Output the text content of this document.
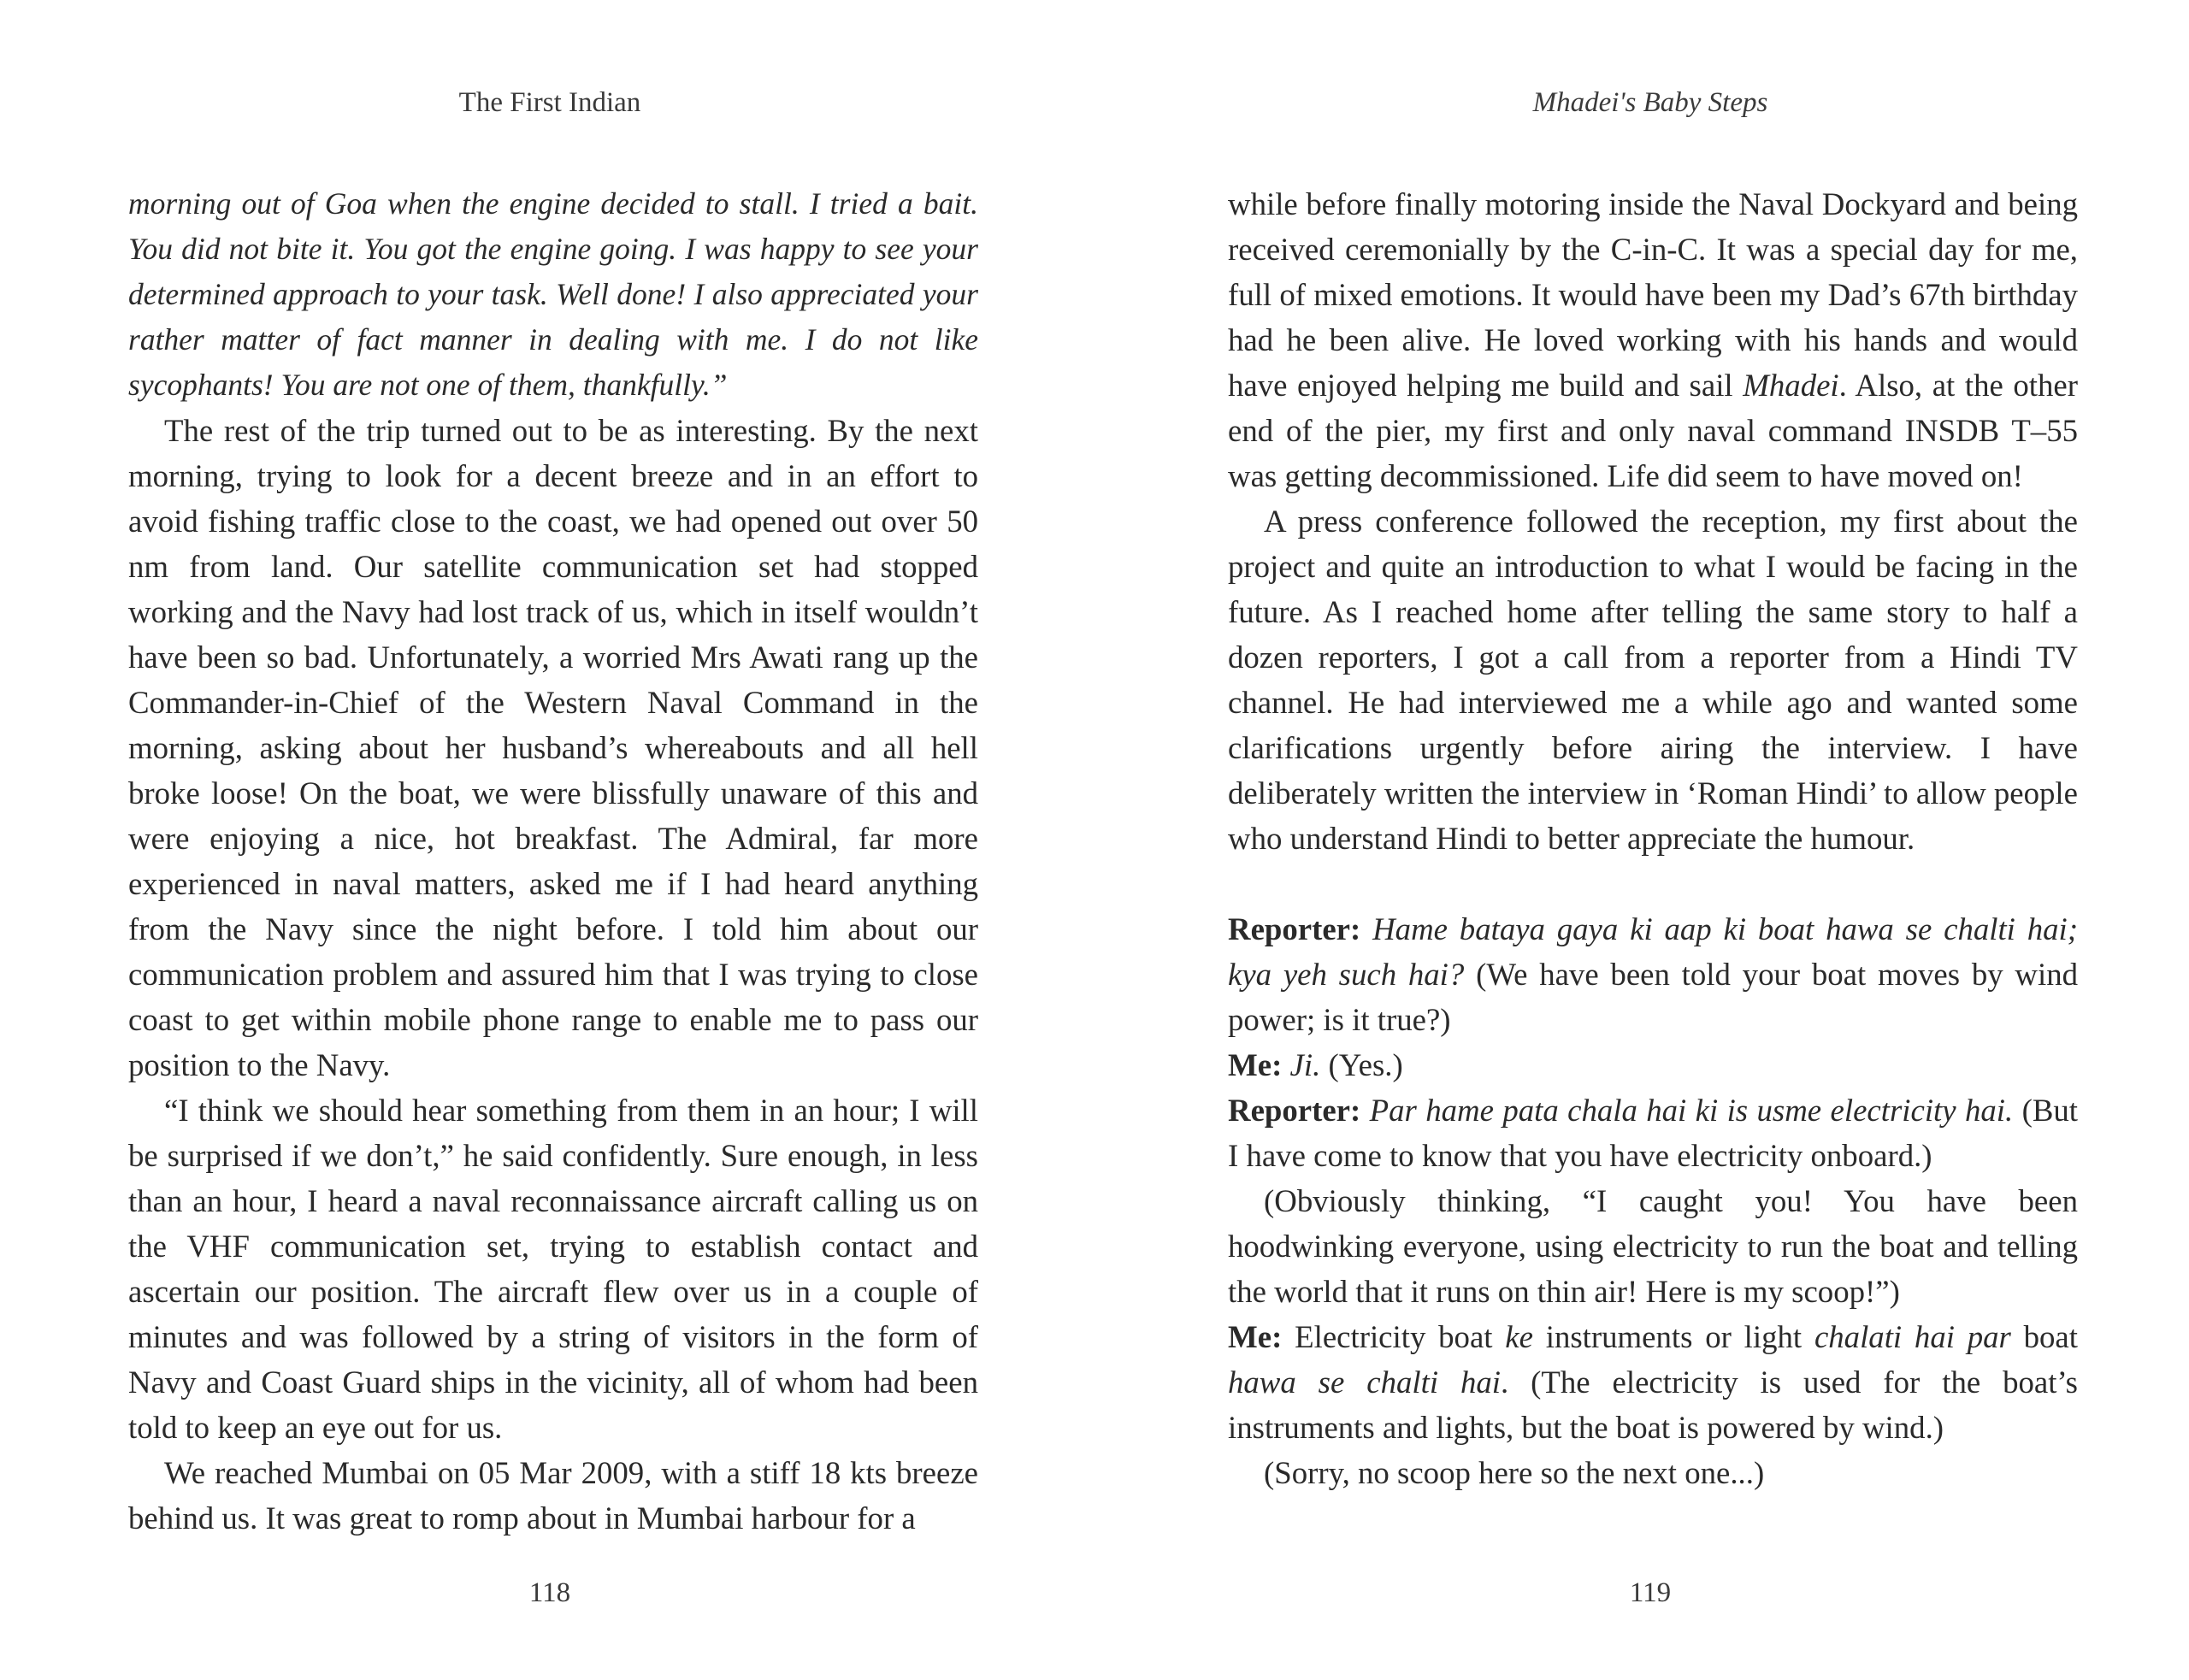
The First Indian

morning out of Goa when the engine decided to stall. I tried a bait. You did not bite it. You got the engine going. I was happy to see your determined approach to your task. Well done! I also appreciated your rather matter of fact manner in dealing with me. I do not like sycophants! You are not one of them, thankfully.”

The rest of the trip turned out to be as interesting. By the next morning, trying to look for a decent breeze and in an effort to avoid fishing traffic close to the coast, we had opened out over 50 nm from land. Our satellite communication set had stopped working and the Navy had lost track of us, which in itself wouldn’t have been so bad. Unfortunately, a worried Mrs Awati rang up the Commander-in-Chief of the Western Naval Command in the morning, asking about her husband’s whereabouts and all hell broke loose! On the boat, we were blissfully unaware of this and were enjoying a nice, hot breakfast. The Admiral, far more experienced in naval matters, asked me if I had heard anything from the Navy since the night before. I told him about our communication problem and assured him that I was trying to close coast to get within mobile phone range to enable me to pass our position to the Navy.

“I think we should hear something from them in an hour; I will be surprised if we don’t,” he said confidently. Sure enough, in less than an hour, I heard a naval reconnaissance aircraft calling us on the VHF communication set, trying to establish contact and ascertain our position. The aircraft flew over us in a couple of minutes and was followed by a string of visitors in the form of Navy and Coast Guard ships in the vicinity, all of whom had been told to keep an eye out for us.

We reached Mumbai on 05 Mar 2009, with a stiff 18 kts breeze behind us. It was great to romp about in Mumbai harbour for a

118
Mhadei's Baby Steps

while before finally motoring inside the Naval Dockyard and being received ceremonially by the C-in-C. It was a special day for me, full of mixed emotions. It would have been my Dad’s 67th birthday had he been alive. He loved working with his hands and would have enjoyed helping me build and sail Mhadei. Also, at the other end of the pier, my first and only naval command INSDB T–55 was getting decommissioned. Life did seem to have moved on!

A press conference followed the reception, my first about the project and quite an introduction to what I would be facing in the future. As I reached home after telling the same story to half a dozen reporters, I got a call from a reporter from a Hindi TV channel. He had interviewed me a while ago and wanted some clarifications urgently before airing the interview. I have deliberately written the interview in ‘Roman Hindi’ to allow people who understand Hindi to better appreciate the humour.

Reporter: Hame bataya gaya ki aap ki boat hawa se chalti hai; kya yeh such hai? (We have been told your boat moves by wind power; is it true?)

Me: Ji. (Yes.)

Reporter: Par hame pata chala hai ki is usme electricity hai. (But I have come to know that you have electricity onboard.)

(Obviously thinking, “I caught you! You have been hoodwinking everyone, using electricity to run the boat and telling the world that it runs on thin air! Here is my scoop!”)

Me: Electricity boat ke instruments or light chalati hai par boat hawa se chalti hai. (The electricity is used for the boat’s instruments and lights, but the boat is powered by wind.)

(Sorry, no scoop here so the next one...)

119
